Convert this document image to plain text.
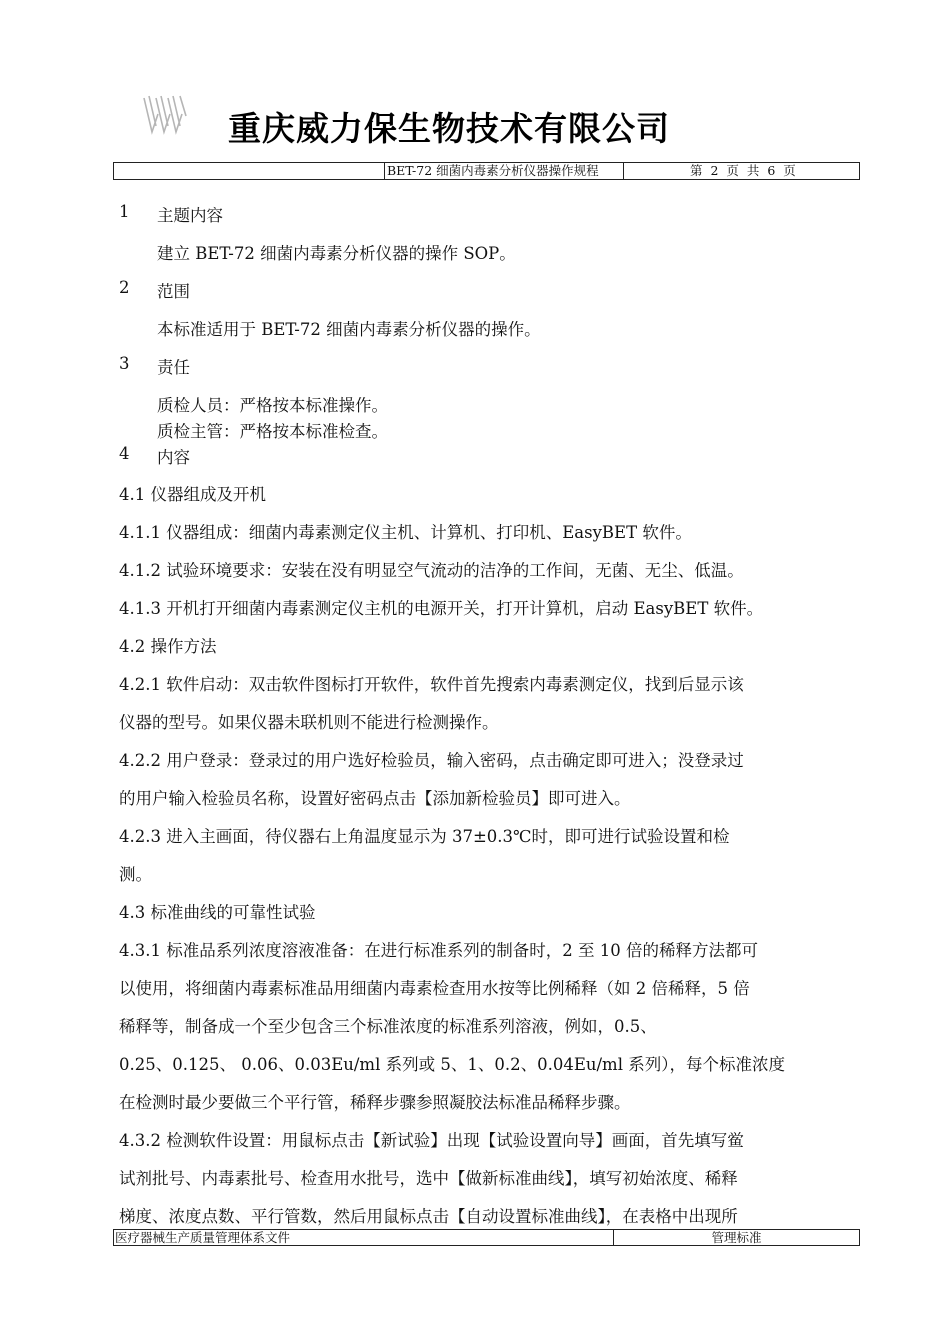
重庆威力保生物技术有限公司
BET-72 细菌内毒素分析仪器操作规程	第 2 页 共 6 页
1	主题内容
建立 BET-72 细菌内毒素分析仪器的操作 SOP。
2	范围
本标准适用于 BET-72 细菌内毒素分析仪器的操作。
3	责任
质检人员：严格按本标准操作。
质检主管：严格按本标准检查。
4	内容
4.1 仪器组成及开机
4.1.1 仪器组成：细菌内毒素测定仪主机、计算机、打印机、EasyBET 软件。
4.1.2 试验环境要求：安装在没有明显空气流动的洁净的工作间，无菌、无尘、低温。
4.1.3 开机打开细菌内毒素测定仪主机的电源开关，打开计算机，启动 EasyBET 软件。
4.2 操作方法
4.2.1 软件启动：双击软件图标打开软件，软件首先搜索内毒素测定仪，找到后显示该
仪器的型号。如果仪器未联机则不能进行检测操作。
4.2.2 用户登录：登录过的用户选好检验员，输入密码，点击确定即可进入；没登录过
的用户输入检验员名称，设置好密码点击【添加新检验员】即可进入。
4.2.3 进入主画面，待仪器右上角温度显示为 37±0.3℃时，即可进行试验设置和检
测。
4.3 标准曲线的可靠性试验
4.3.1 标准品系列浓度溶液准备：在进行标准系列的制备时，2 至 10 倍的稀释方法都可
以使用，将细菌内毒素标准品用细菌内毒素检查用水按等比例稀释（如 2 倍稀释，5 倍
稀释等，制备成一个至少包含三个标准浓度的标准系列溶液，例如，0.5、
0.25、0.125、 0.06、0.03Eu/ml 系列或 5、1、0.2、0.04Eu/ml 系列），每个标准浓度
在检测时最少要做三个平行管，稀释步骤参照凝胶法标准品稀释步骤。
4.3.2 检测软件设置：用鼠标点击【新试验】出现【试验设置向导】画面，首先填写鲎
试剂批号、内毒素批号、检查用水批号，选中【做新标准曲线】，填写初始浓度、稀释
梯度、浓度点数、平行管数，然后用鼠标点击【自动设置标准曲线】，在表格中出现所
医疗器械生产质量管理体系文件	管理标准
